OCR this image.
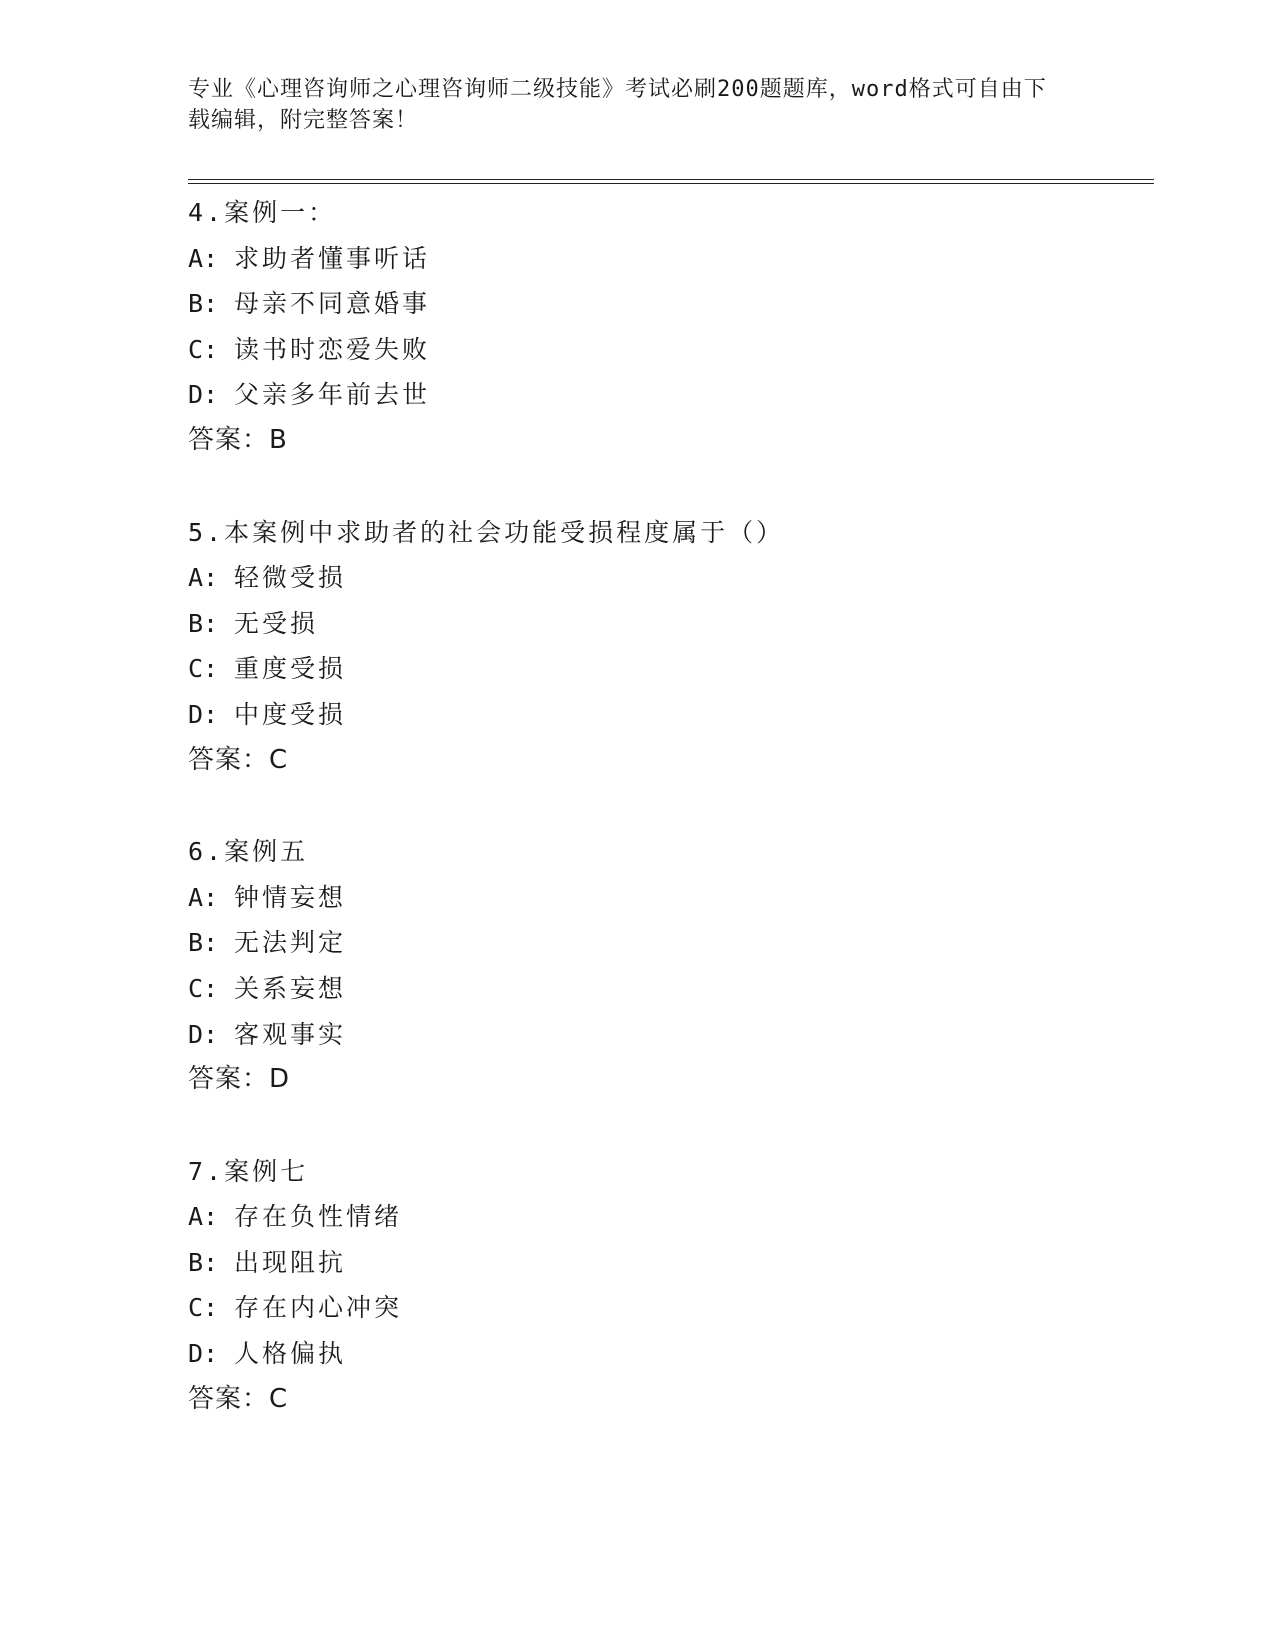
专业《心理咨询师之心理咨询师二级技能》考试必刷200题题库，word格式可自由下载编辑，附完整答案！
4.案例一：
A: 求助者懂事听话
B: 母亲不同意婚事
C: 读书时恋爱失败
D: 父亲多年前去世
答案：B
5.本案例中求助者的社会功能受损程度属于（）
A: 轻微受损
B: 无受损
C: 重度受损
D: 中度受损
答案：C
6.案例五
A: 钟情妄想
B: 无法判定
C: 关系妄想
D: 客观事实
答案：D
7.案例七
A: 存在负性情绪
B: 出现阻抗
C: 存在内心冲突
D: 人格偏执
答案：C
